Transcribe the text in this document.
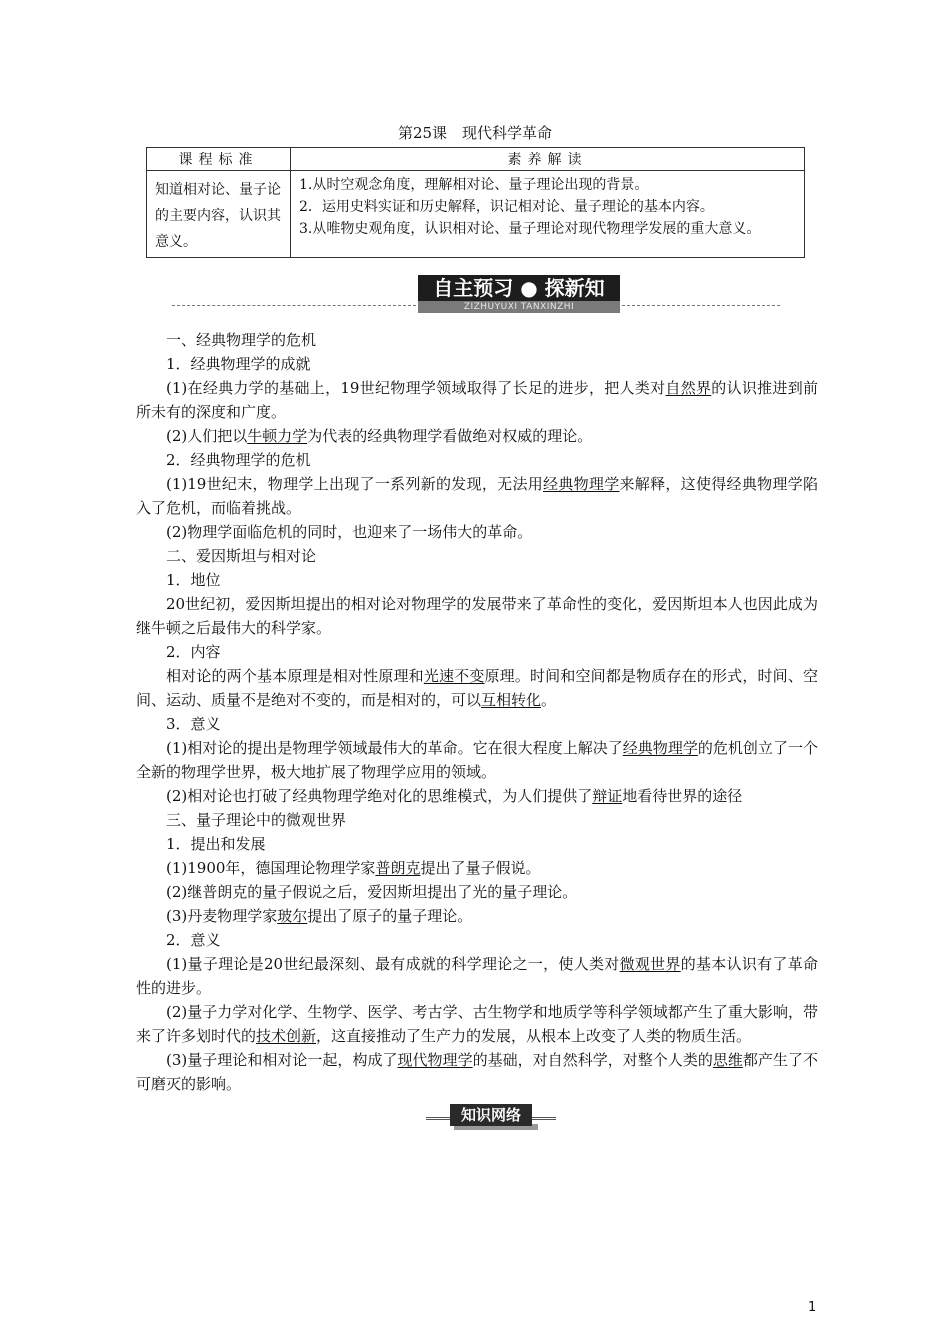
第25课　现代科学革命
课程标准	素养解读
知道相对论、量子论的主要内容，认识其意义。	1.从时空观念角度，理解相对论、量子理论出现的背景。
2．运用史料实证和历史解释，识记相对论、量子理论的基本内容。
3.从唯物史观角度，认识相对论、量子理论对现代物理学发展的重大意义。
自主预习 ● 探新知
ZIZHUYUXI TANXINZHI

一、经典物理学的危机

1．经典物理学的成就

(1)在经典力学的基础上，19世纪物理学领域取得了长足的进步，把人类对自然界的认识推进到前所未有的深度和广度。

(2)人们把以牛顿力学为代表的经典物理学看做绝对权威的理论。

2．经典物理学的危机

(1)19世纪末，物理学上出现了一系列新的发现，无法用经典物理学来解释，这使得经典物理学陷入了危机，而临着挑战。

(2)物理学面临危机的同时，也迎来了一场伟大的革命。

二、爱因斯坦与相对论

1．地位

20世纪初，爱因斯坦提出的相对论对物理学的发展带来了革命性的变化，爱因斯坦本人也因此成为继牛顿之后最伟大的科学家。

2．内容

相对论的两个基本原理是相对性原理和光速不变原理。时间和空间都是物质存在的形式，时间、空间、运动、质量不是绝对不变的，而是相对的，可以互相转化。

3．意义

(1)相对论的提出是物理学领域最伟大的革命。它在很大程度上解决了经典物理学的危机创立了一个全新的物理学世界，极大地扩展了物理学应用的领域。

(2)相对论也打破了经典物理学绝对化的思维模式，为人们提供了辩证地看待世界的途径

三、量子理论中的微观世界

1．提出和发展

(1)1900年，德国理论物理学家普朗克提出了量子假说。

(2)继普朗克的量子假说之后，爱因斯坦提出了光的量子理论。

(3)丹麦物理学家玻尔提出了原子的量子理论。

2．意义

(1)量子理论是20世纪最深刻、最有成就的科学理论之一，使人类对微观世界的基本认识有了革命性的进步。

(2)量子力学对化学、生物学、医学、考古学、古生物学和地质学等科学领域都产生了重大影响，带来了许多划时代的技术创新，这直接推动了生产力的发展，从根本上改变了人类的物质生活。

(3)量子理论和相对论一起，构成了现代物理学的基础，对自然科学，对整个人类的思维都产生了不可磨灭的影响。

知识网络
1
